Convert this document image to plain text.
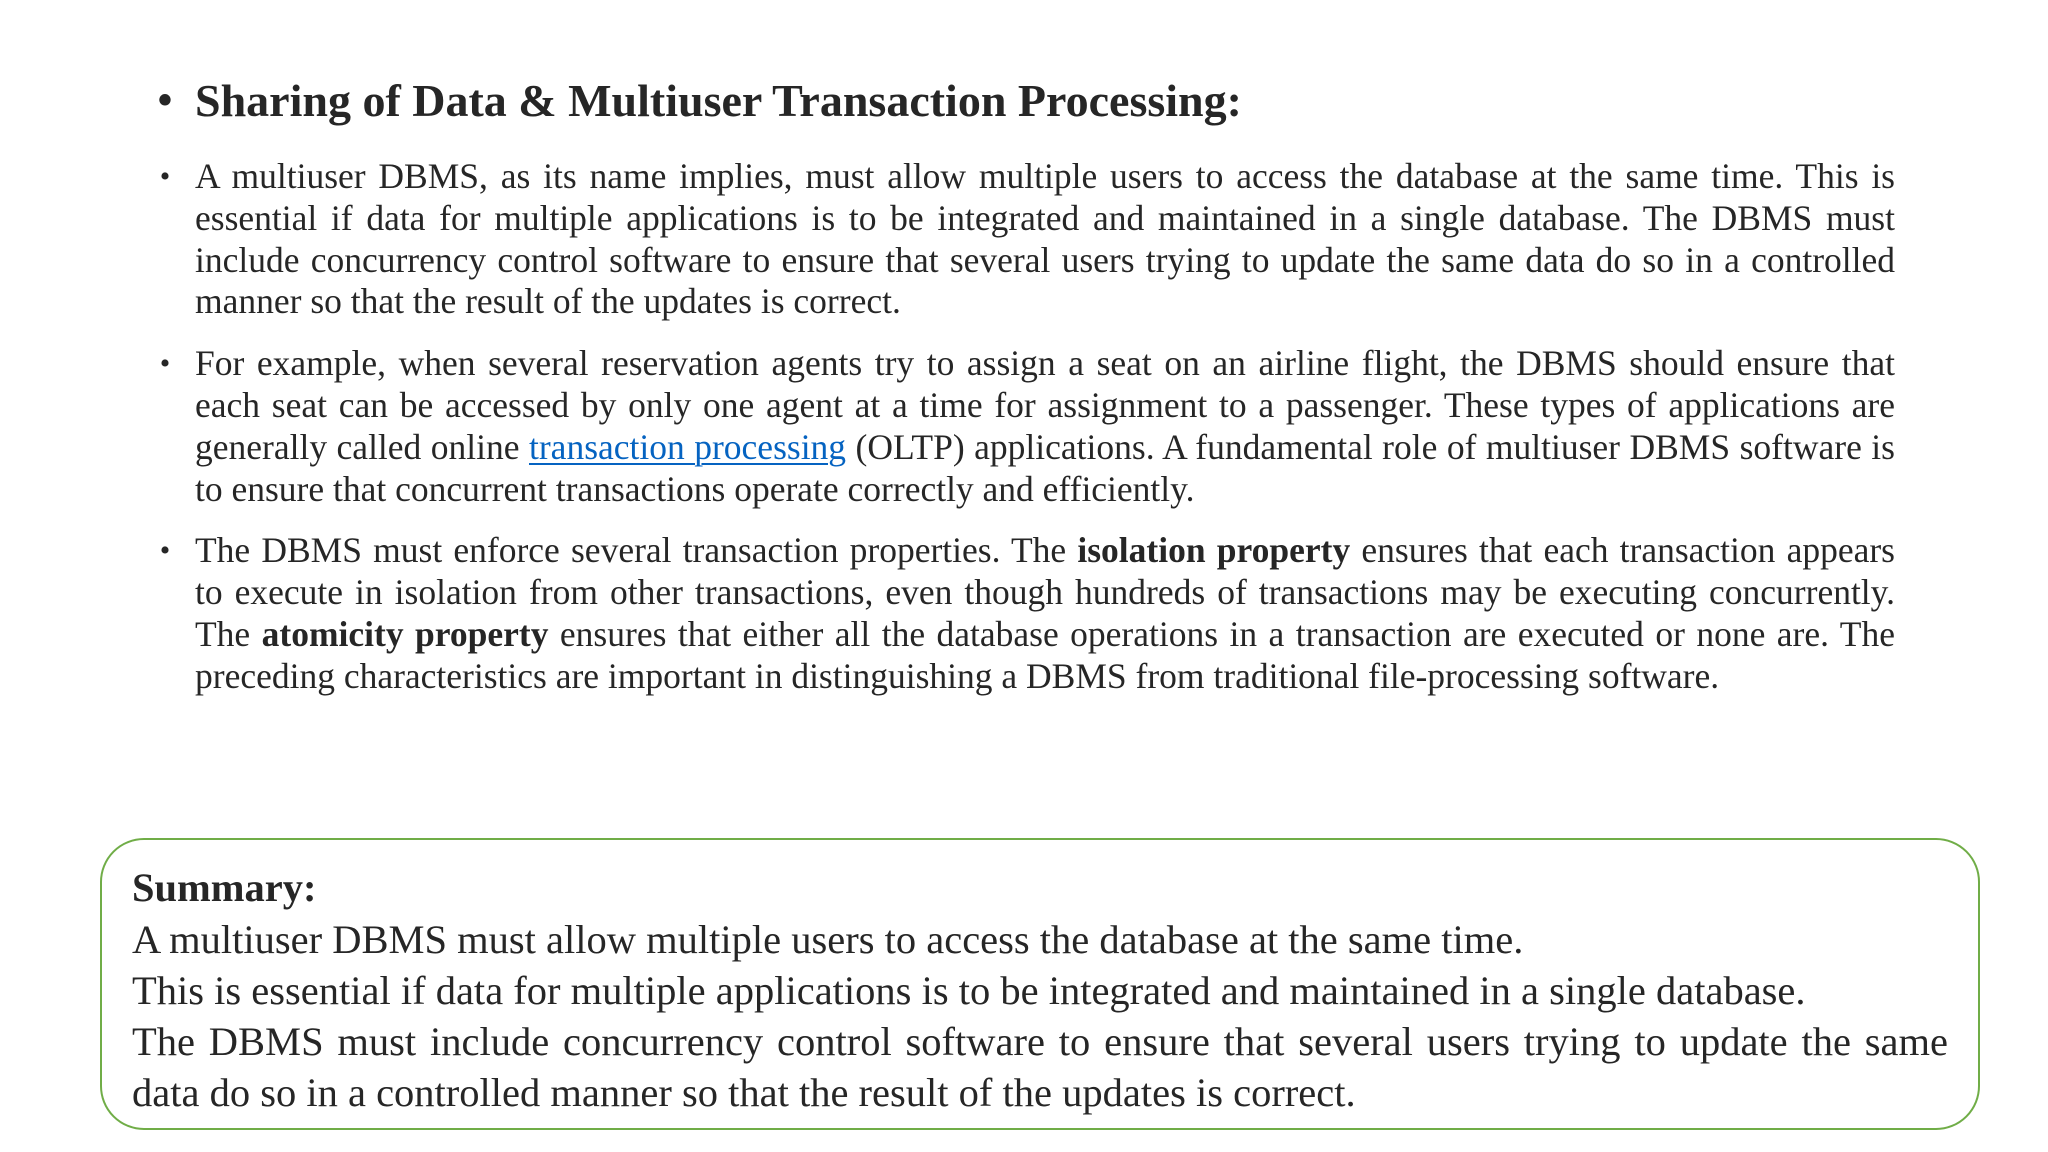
• Sharing of Data & Multiuser Transaction Processing:
• A multiuser DBMS, as its name implies, must allow multiple users to access the database at the same time. This is essential if data for multiple applications is to be integrated and maintained in a single database. The DBMS must include concurrency control software to ensure that several users trying to update the same data do so in a controlled manner so that the result of the updates is correct.
• For example, when several reservation agents try to assign a seat on an airline flight, the DBMS should ensure that each seat can be accessed by only one agent at a time for assignment to a passenger. These types of applications are generally called online transaction processing (OLTP) applications. A fundamental role of multiuser DBMS software is to ensure that concurrent transactions operate correctly and efficiently.
• The DBMS must enforce several transaction properties. The isolation property ensures that each transaction appears to execute in isolation from other transactions, even though hundreds of transactions may be executing concurrently. The atomicity property ensures that either all the database operations in a transaction are executed or none are. The preceding characteristics are important in distinguishing a DBMS from traditional file-processing software.
Summary:
A multiuser DBMS must allow multiple users to access the database at the same time.
This is essential if data for multiple applications is to be integrated and maintained in a single database.
The DBMS must include concurrency control software to ensure that several users trying to update the same data do so in a controlled manner so that the result of the updates is correct.
